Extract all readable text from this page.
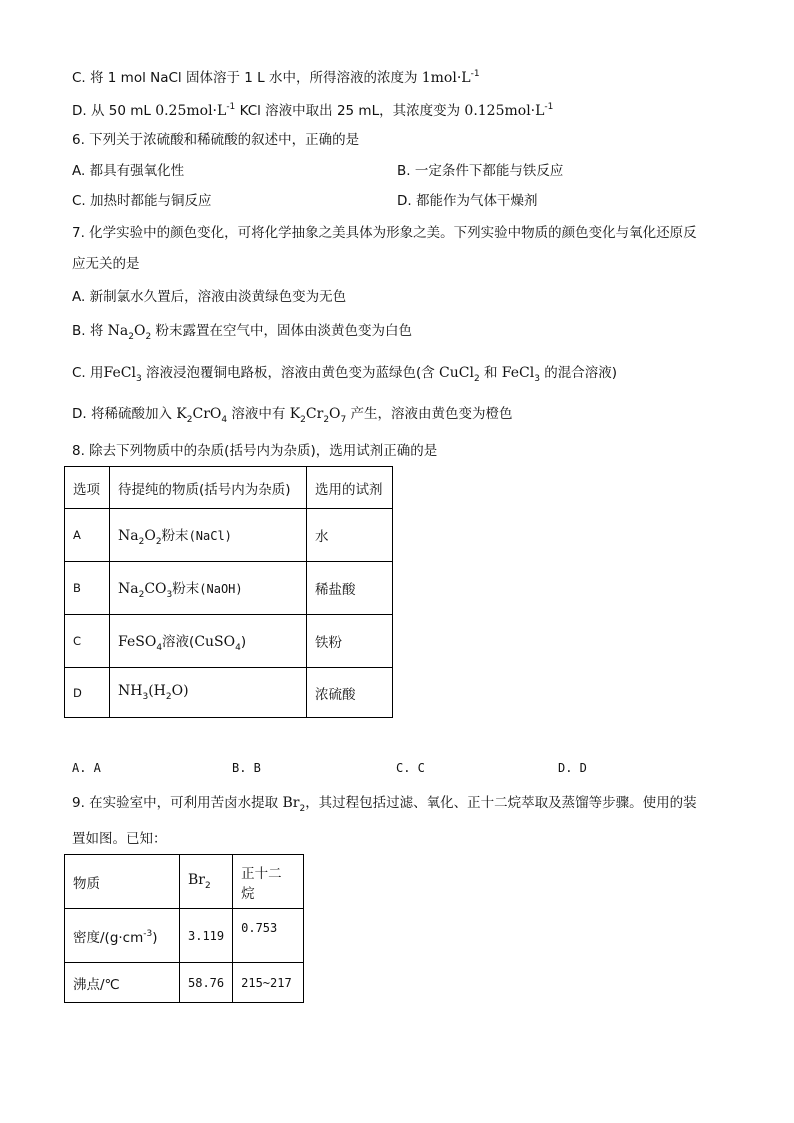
C. 将 1 mol NaCl 固体溶于 1 L 水中，所得溶液的浓度为 $1mol\cdot L^{-1}$
D. 从 50 mL $0.25mol\cdot L^{-1}$ KCl 溶液中取出 25 mL，其浓度变为 $0.125mol\cdot L^{-1}$
6. 下列关于浓硫酸和稀硫酸的叙述中，正确的是
A. 都具有强氧化性	B. 一定条件下都能与铁反应
C. 加热时都能与铜反应	D. 都能作为气体干燥剂
7. 化学实验中的颜色变化，可将化学抽象之美具体为形象之美。下列实验中物质的颜色变化与氧化还原反
应无关的是
A. 新制氯水久置后，溶液由淡黄绿色变为无色
B. 将 $Na_2O_2$ 粉末露置在空气中，固体由淡黄色变为白色
C. 用FeCl$_3$ 溶液浸泡覆铜电路板，溶液由黄色变为蓝绿色(含 CuCl$_2$ 和 FeCl$_3$ 的混合溶液)
D. 将稀硫酸加入 $K_2CrO_4$ 溶液中有 $K_2Cr_2O_7$ 产生，溶液由黄色变为橙色
8. 除去下列物质中的杂质(括号内为杂质)，选用试剂正确的是
选项	待提纯的物质(括号内为杂质)	选用的试剂
A	$Na_2O_2$粉末(NaCl)	水
B	$Na_2CO_3$粉末(NaOH)	稀盐酸
C	FeSO$_4$溶液(CuSO$_4$)	铁粉
D	$NH_3(H_2O)$	浓硫酸
A. A	B. B	C. C	D. D
9. 在实验室中，可利用苦卤水提取 $Br_2$，其过程包括过滤、氧化、正十二烷萃取及蒸馏等步骤。使用的装
置如图。已知：
物质	$Br_2$	正十二烷
密度$/(g\cdot cm^{-3})$	3.119	0.753
沸点/℃	58.76	215~217
